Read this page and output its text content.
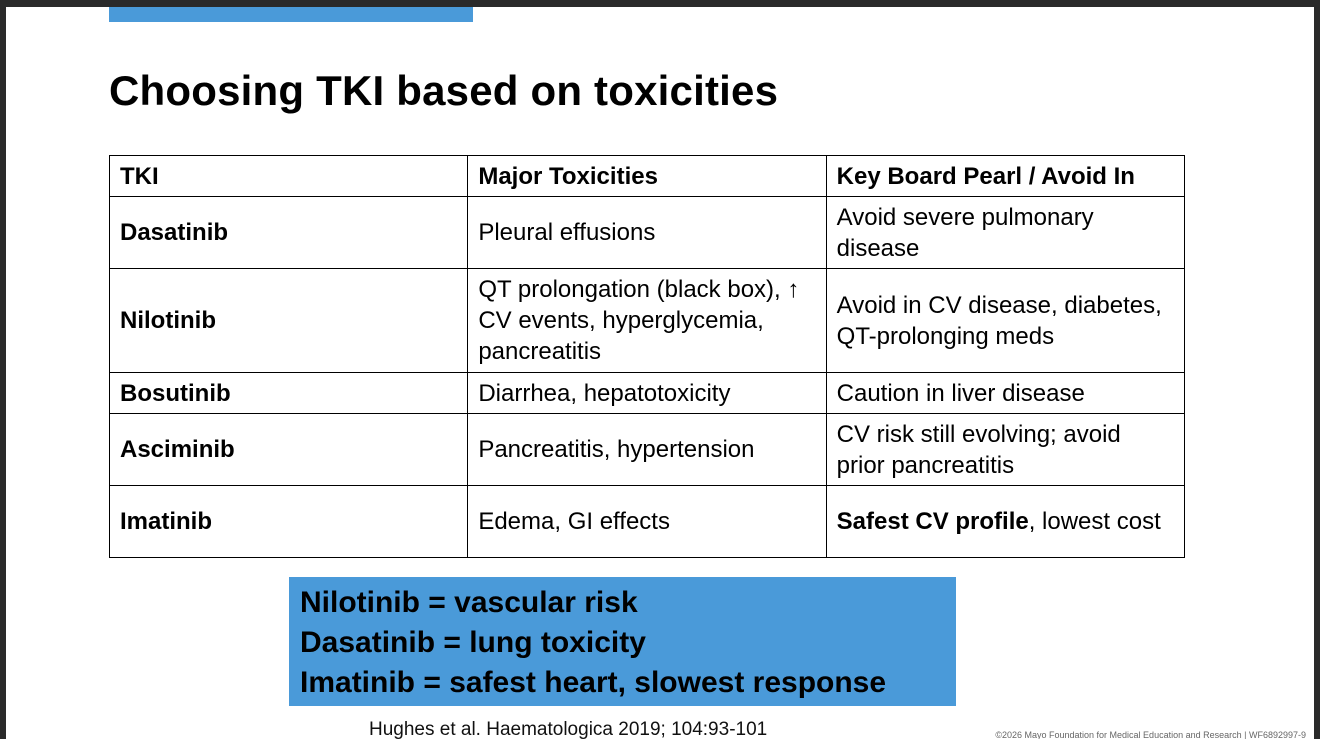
Choosing TKI based on toxicities
TKI	Major Toxicities	Key Board Pearl / Avoid In
Dasatinib	Pleural effusions	Avoid severe pulmonary disease
Nilotinib	QT prolongation (black box), ↑ CV events, hyperglycemia, pancreatitis	Avoid in CV disease, diabetes, QT-prolonging meds
Bosutinib	Diarrhea, hepatotoxicity	Caution in liver disease
Asciminib	Pancreatitis, hypertension	CV risk still evolving; avoid prior pancreatitis
Imatinib	Edema, GI effects	Safest CV profile, lowest cost
Nilotinib = vascular risk
Dasatinib = lung toxicity
Imatinib = safest heart, slowest response
Hughes et al. Haematologica 2019; 104:93-101	©2026 Mayo Foundation for Medical Education and Research | WF6892997-9
